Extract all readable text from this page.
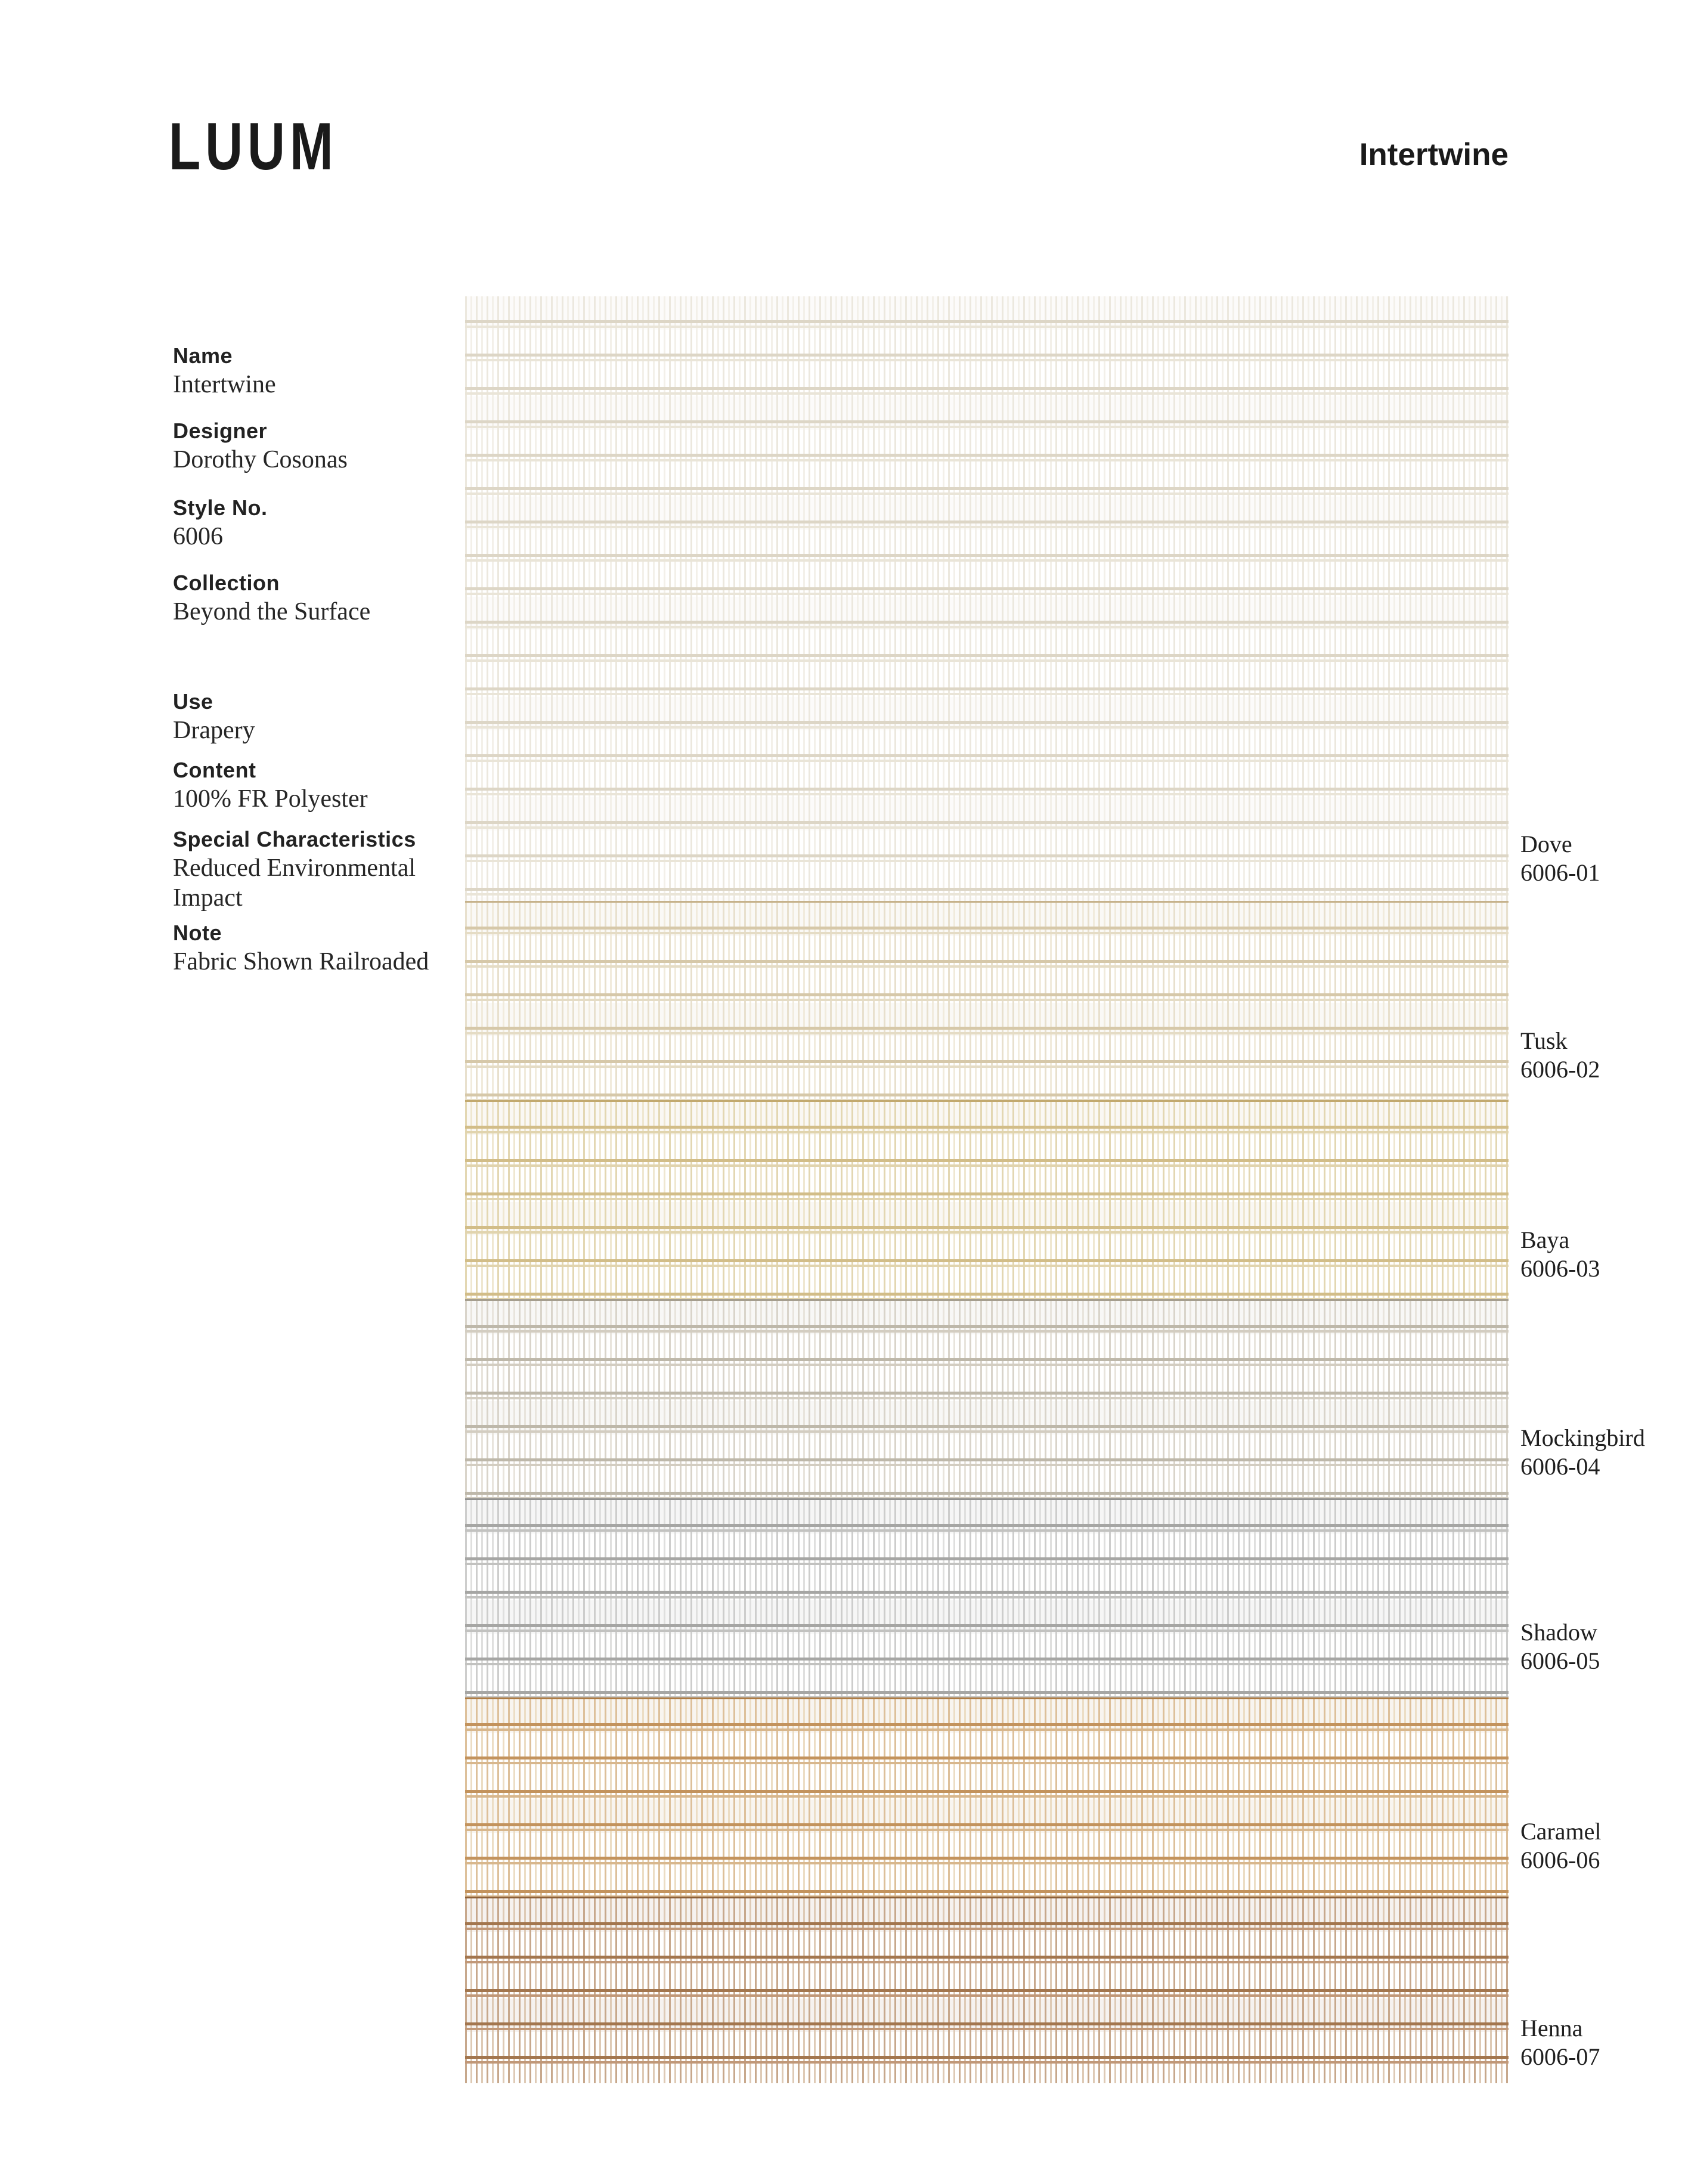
LUUM	Intertwine
Name
Intertwine
Designer
Dorothy Cosonas
Style No.
6006
Collection
Beyond the Surface
Use
Drapery
Content
100% FR Polyester
Special Characteristics
Reduced Environmental Impact
Note
Fabric Shown Railroaded
Dove
6006-01
Tusk
6006-02
Baya
6006-03
Mockingbird
6006-04
Shadow
6006-05
Caramel
6006-06
Henna
6006-07
